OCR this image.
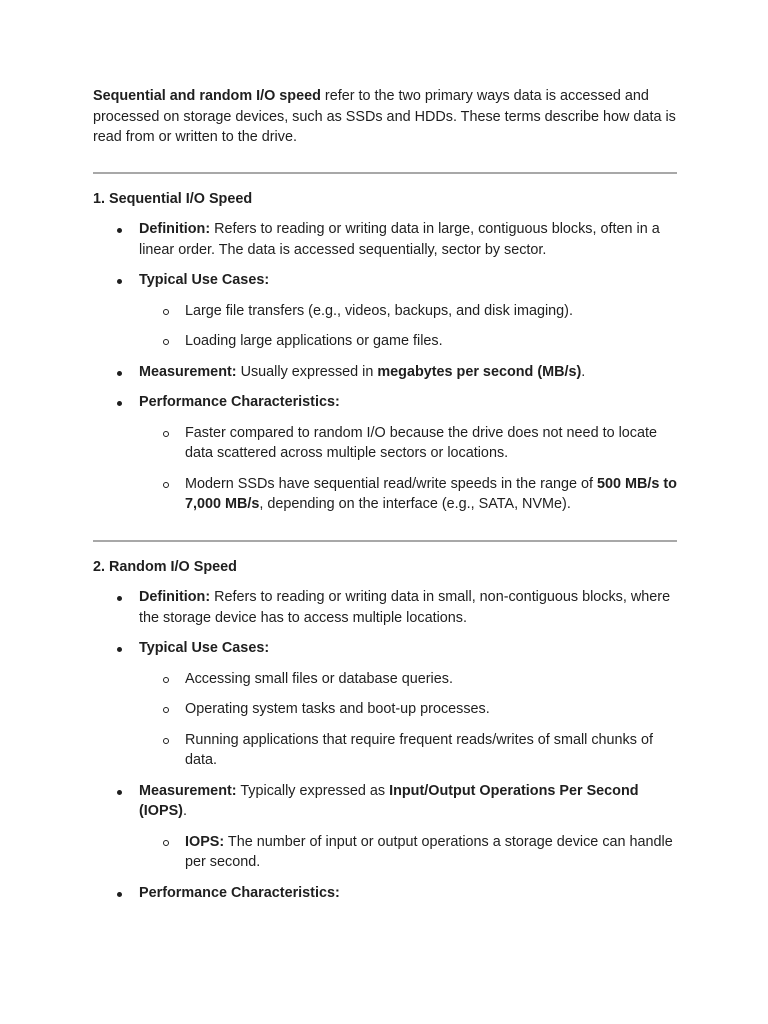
Sequential and random I/O speed refer to the two primary ways data is accessed and processed on storage devices, such as SSDs and HDDs. These terms describe how data is read from or written to the drive.

1. Sequential I/O Speed

Definition: Refers to reading or writing data in large, contiguous blocks, often in a linear order. The data is accessed sequentially, sector by sector.
Typical Use Cases:
Large file transfers (e.g., videos, backups, and disk imaging).
Loading large applications or game files.
Measurement: Usually expressed in megabytes per second (MB/s).
Performance Characteristics:
Faster compared to random I/O because the drive does not need to locate data scattered across multiple sectors or locations.
Modern SSDs have sequential read/write speeds in the range of 500 MB/s to 7,000 MB/s, depending on the interface (e.g., SATA, NVMe).

2. Random I/O Speed

Definition: Refers to reading or writing data in small, non-contiguous blocks, where the storage device has to access multiple locations.
Typical Use Cases:
Accessing small files or database queries.
Operating system tasks and boot-up processes.
Running applications that require frequent reads/writes of small chunks of data.
Measurement: Typically expressed as Input/Output Operations Per Second (IOPS).
IOPS: The number of input or output operations a storage device can handle per second.
Performance Characteristics:
